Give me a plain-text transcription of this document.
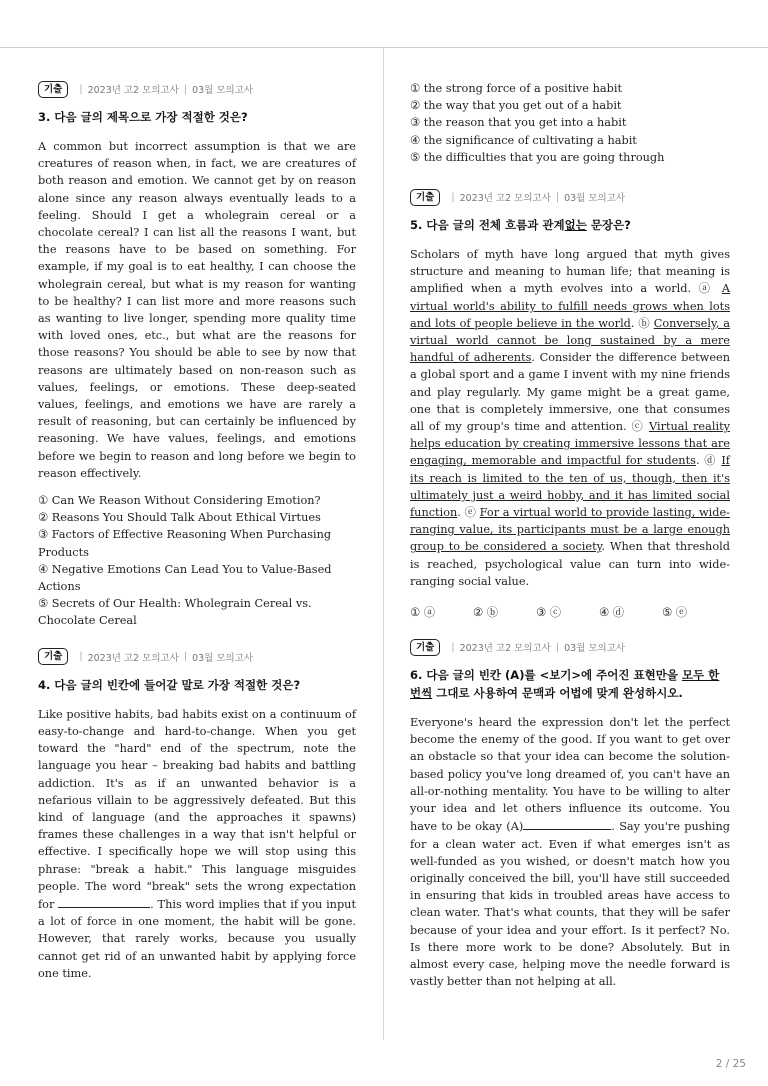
기출	| 2023년 고2 모의고사 | 03월 모의고사
3. 다음 글의 제목으로 가장 적절한 것은?

A common but incorrect assumption is that we are creatures of reason when, in fact, we are creatures of both reason and emotion. We cannot get by on reason alone since any reason always eventually leads to a feeling. Should I get a wholegrain cereal or a chocolate cereal? I can list all the reasons I want, but the reasons have to be based on something. For example, if my goal is to eat healthy, I can choose the wholegrain cereal, but what is my reason for wanting to be healthy? I can list more and more reasons such as wanting to live longer, spending more quality time with loved ones, etc., but what are the reasons for those reasons? You should be able to see by now that reasons are ultimately based on non-reason such as values, feelings, or emotions. These deep-seated values, feelings, and emotions we have are rarely a result of reasoning, but can certainly be influenced by reasoning. We have values, feelings, and emotions before we begin to reason and long before we begin to reason effectively.

① Can We Reason Without Considering Emotion?
② Reasons You Should Talk About Ethical Virtues
③ Factors of Effective Reasoning When Purchasing Products
④ Negative Emotions Can Lead You to Value-Based Actions
⑤ Secrets of Our Health: Wholegrain Cereal vs. Chocolate Cereal
기출	| 2023년 고2 모의고사 | 03월 모의고사
4. 다음 글의 빈칸에 들어갈 말로 가장 적절한 것은?

Like positive habits, bad habits exist on a continuum of easy-to-change and hard-to-change. When you get toward the "hard" end of the spectrum, note the language you hear – breaking bad habits and battling addiction. It's as if an unwanted behavior is a nefarious villain to be aggressively defeated. But this kind of language (and the approaches it spawns) frames these challenges in a way that isn't helpful or effective. I specifically hope we will stop using this phrase: "break a habit." This language misguides people. The word "break" sets the wrong expectation for	. This word implies that if you input a lot of force in one moment, the habit will be gone. However, that rarely works, because you usually cannot get rid of an unwanted habit by applying force one time.

① the strong force of a positive habit
② the way that you get out of a habit
③ the reason that you get into a habit
④ the significance of cultivating a habit
⑤ the difficulties that you are going through
기출	| 2023년 고2 모의고사 | 03월 모의고사
5. 다음 글의 전체 흐름과 관계없는 문장은?

Scholars of myth have long argued that myth gives structure and meaning to human life; that meaning is amplified when a myth evolves into a world. ⓐ A virtual world's ability to fulfill needs grows when lots and lots of people believe in the world. ⓑ Conversely, a virtual world cannot be long sustained by a mere handful of adherents. Consider the difference between a global sport and a game I invent with my nine friends and play regularly. My game might be a great game, one that is completely immersive, one that consumes all of my group's time and attention. ⓒ Virtual reality helps education by creating immersive lessons that are engaging, memorable and impactful for students. ⓓ If its reach is limited to the ten of us, though, then it's ultimately just a weird hobby, and it has limited social function. ⓔ For a virtual world to provide lasting, wide-ranging value, its participants must be a large enough group to be considered a society. When that threshold is reached, psychological value can turn into wide-ranging social value.

① ⓐ	② ⓑ	③ ⓒ	④ ⓓ	⑤ ⓔ
기출	| 2023년 고2 모의고사 | 03월 모의고사
6. 다음 글의 빈칸 (A)를 <보기>에 주어진 표현만을 모두 한 번씩 그대로 사용하여 문맥과 어법에 맞게 완성하시오.

Everyone's heard the expression don't let the perfect become the enemy of the good. If you want to get over an obstacle so that your idea can become the solution-based policy you've long dreamed of, you can't have an all-or-nothing mentality. You have to be willing to alter your idea and let others influence its outcome. You have to be okay (A)	. Say you're pushing for a clean water act. Even if what emerges isn't as well-funded as you wished, or doesn't match how you originally conceived the bill, you'll have still succeeded in ensuring that kids in troubled areas have access to clean water. That's what counts, that they will be safer because of your idea and your effort. Is it perfect? No. Is there more work to be done? Absolutely. But in almost every case, helping move the needle forward is vastly better than not helping at all.

2 / 25
